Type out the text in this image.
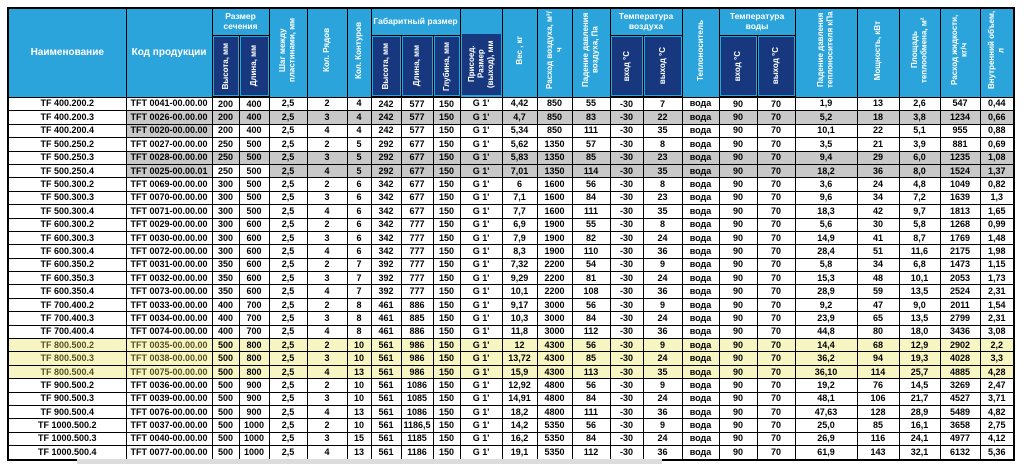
Наименование	Код продукции	Размер сечения		Шаг между пластинами, мм	Кол. Рядов	Кол. Контуров	Габаритный размер			Присоед. Размер (выход), мм	Вес , кг	Расход воздуха, м³/ч	Падение давления воздуха, Па	Температура воздуха		Теплоноситель	Температура воды		Падение давления теплоносителя кПа	Мощность, кВт	Площадь теплообмена, м²	Расход жидкости, кг/ч	Внутренний объем, л

		Высота, мм	Длина, мм				Высота, мм	Длина, мм	Глубина, мм					вход °С	выход °С		вход °С	выход °С					

TF 400.200.2	TFT 0041-00.00.00	200	400	2,5	2	4	242	577	150	G 1'	4,42	850	55	-30	7	вода	90	70	1,9	13	2,6	547	0,44
TF 400.200.3	TFT 0026-00.00.00	200	400	2,5	3	4	242	577	150	G 1'	4,7	850	83	-30	22	вода	90	70	5,2	18	3,8	1234	0,66
TF 400.200.4	TFT 0020-00.00.00	200	400	2,5	4	4	242	577	150	G 1'	5,34	850	111	-30	35	вода	90	70	10,1	22	5,1	955	0,88
TF 500.250.2	TFT 0027-00.00.00	250	500	2,5	2	5	292	677	150	G 1'	5,62	1350	57	-30	8	вода	90	70	3,5	21	3,9	881	0,69
TF 500.250.3	TFT 0028-00.00.00	250	500	2,5	3	5	292	677	150	G 1'	5,83	1350	85	-30	23	вода	90	70	9,4	29	6,0	1235	1,08
TF 500.250.4	TFT 0025-00.00.01	250	500	2,5	4	5	292	677	150	G 1'	7,01	1350	114	-30	35	вода	90	70	18,2	36	8,0	1524	1,37
TF 500.300.2	TFT 0069-00.00.00	300	500	2,5	2	6	342	677	150	G 1'	6	1600	56	-30	8	вода	90	70	3,6	24	4,8	1049	0,82
TF 500.300.3	TFT 0070-00.00.00	300	500	2,5	3	6	342	677	150	G 1'	7,1	1600	84	-30	23	вода	90	70	9,6	34	7,2	1639	1,3
TF 500.300.4	TFT 0071-00.00.00	300	500	2,5	4	6	342	677	150	G 1'	7,7	1600	111	-30	35	вода	90	70	18,3	42	9,7	1813	1,65
TF 600.300.2	TFT 0029-00.00.00	300	600	2,5	2	6	342	777	150	G 1'	6,9	1900	55	-30	8	вода	90	70	5,6	30	5,8	1268	0,99
TF 600.300.3	TFT 0030-00.00.00	300	600	2,5	3	6	342	777	150	G 1'	7,9	1900	82	-30	24	вода	90	70	14,9	41	8,7	1769	1,48
TF 600.300.4	TFT 0072-00.00.00	300	600	2,5	4	6	342	777	150	G 1'	8,3	1900	110	-30	36	вода	90	70	28,4	51	11,6	2175	1,98
TF 600.350.2	TFT 0031-00.00.00	350	600	2,5	2	7	392	777	150	G 1'	7,32	2200	54	-30	9	вода	90	70	5,8	34	6,8	1473	1,15
TF 600.350.3	TFT 0032-00.00.00	350	600	2,5	3	7	392	777	150	G 1'	9,29	2200	81	-30	24	вода	90	70	15,3	48	10,1	2053	1,73
TF 600.350.4	TFT 0073-00.00.00	350	600	2,5	4	7	392	777	150	G 1'	10,1	2200	108	-30	36	вода	90	70	28,9	59	13,5	2524	2,31
TF 700.400.2	TFT 0033-00.00.00	400	700	2,5	2	8	461	886	150	G 1'	9,17	3000	56	-30	9	вода	90	70	9,2	47	9,0	2011	1,54
TF 700.400.3	TFT 0034-00.00.00	400	700	2,5	3	8	461	885	150	G 1'	10,3	3000	84	-30	24	вода	90	70	23,9	65	13,5	2799	2,31
TF 700.400.4	TFT 0074-00.00.00	400	700	2,5	4	8	461	886	150	G 1'	11,8	3000	112	-30	36	вода	90	70	44,8	80	18,0	3436	3,08
TF 800.500.2	TFT 0035-00.00.00	500	800	2,5	2	10	561	986	150	G 1'	12	4300	56	-30	9	вода	90	70	14,4	68	12,9	2902	2,2
TF 800.500.3	TFT 0038-00.00.00	500	800	2,5	3	10	561	986	150	G 1'	13,72	4300	85	-30	24	вода	90	70	36,2	94	19,3	4028	3,3
TF 800.500.4	TFT 0075-00.00.00	500	800	2,5	4	13	561	986	150	G 1'	15,9	4300	113	-30	35	вода	90	70	36,10	114	25,7	4885	4,28
TF 900.500.2	TFT 0036-00.00.00	500	900	2,5	2	10	561	1086	150	G 1'	12,92	4800	56	-30	9	вода	90	70	19,2	76	14,5	3269	2,47
TF 900.500.3	TFT 0039-00.00.00	500	900	2,5	3	10	561	1085	150	G 1'	14,91	4800	84	-30	24	вода	90	70	48,1	106	21,7	4527	3,71
TF 900.500.4	TFT 0076-00.00.00	500	900	2,5	4	13	561	1086	150	G 1'	18,2	4800	111	-30	36	вода	90	70	47,63	128	28,9	5489	4,82
TF 1000.500.2	TFT 0037-00.00.00	500	1000	2,5	2	10	561	1186,5	150	G 1'	14,2	5350	56	-30	9	вода	90	70	25,0	85	16,1	3658	2,75
TF 1000.500.3	TFT 0040-00.00.00	500	1000	2,5	3	15	561	1185	150	G 1'	16,2	5350	84	-30	24	вода	90	70	26,9	116	24,1	4977	4,12
TF 1000.500.4	TFT 0077-00.00.00	500	1000	2,5	4	13	561	1186	150	G 1'	19,1	5350	112	-30	36	вода	90	70	61,9	143	32,1	6132	5,36
